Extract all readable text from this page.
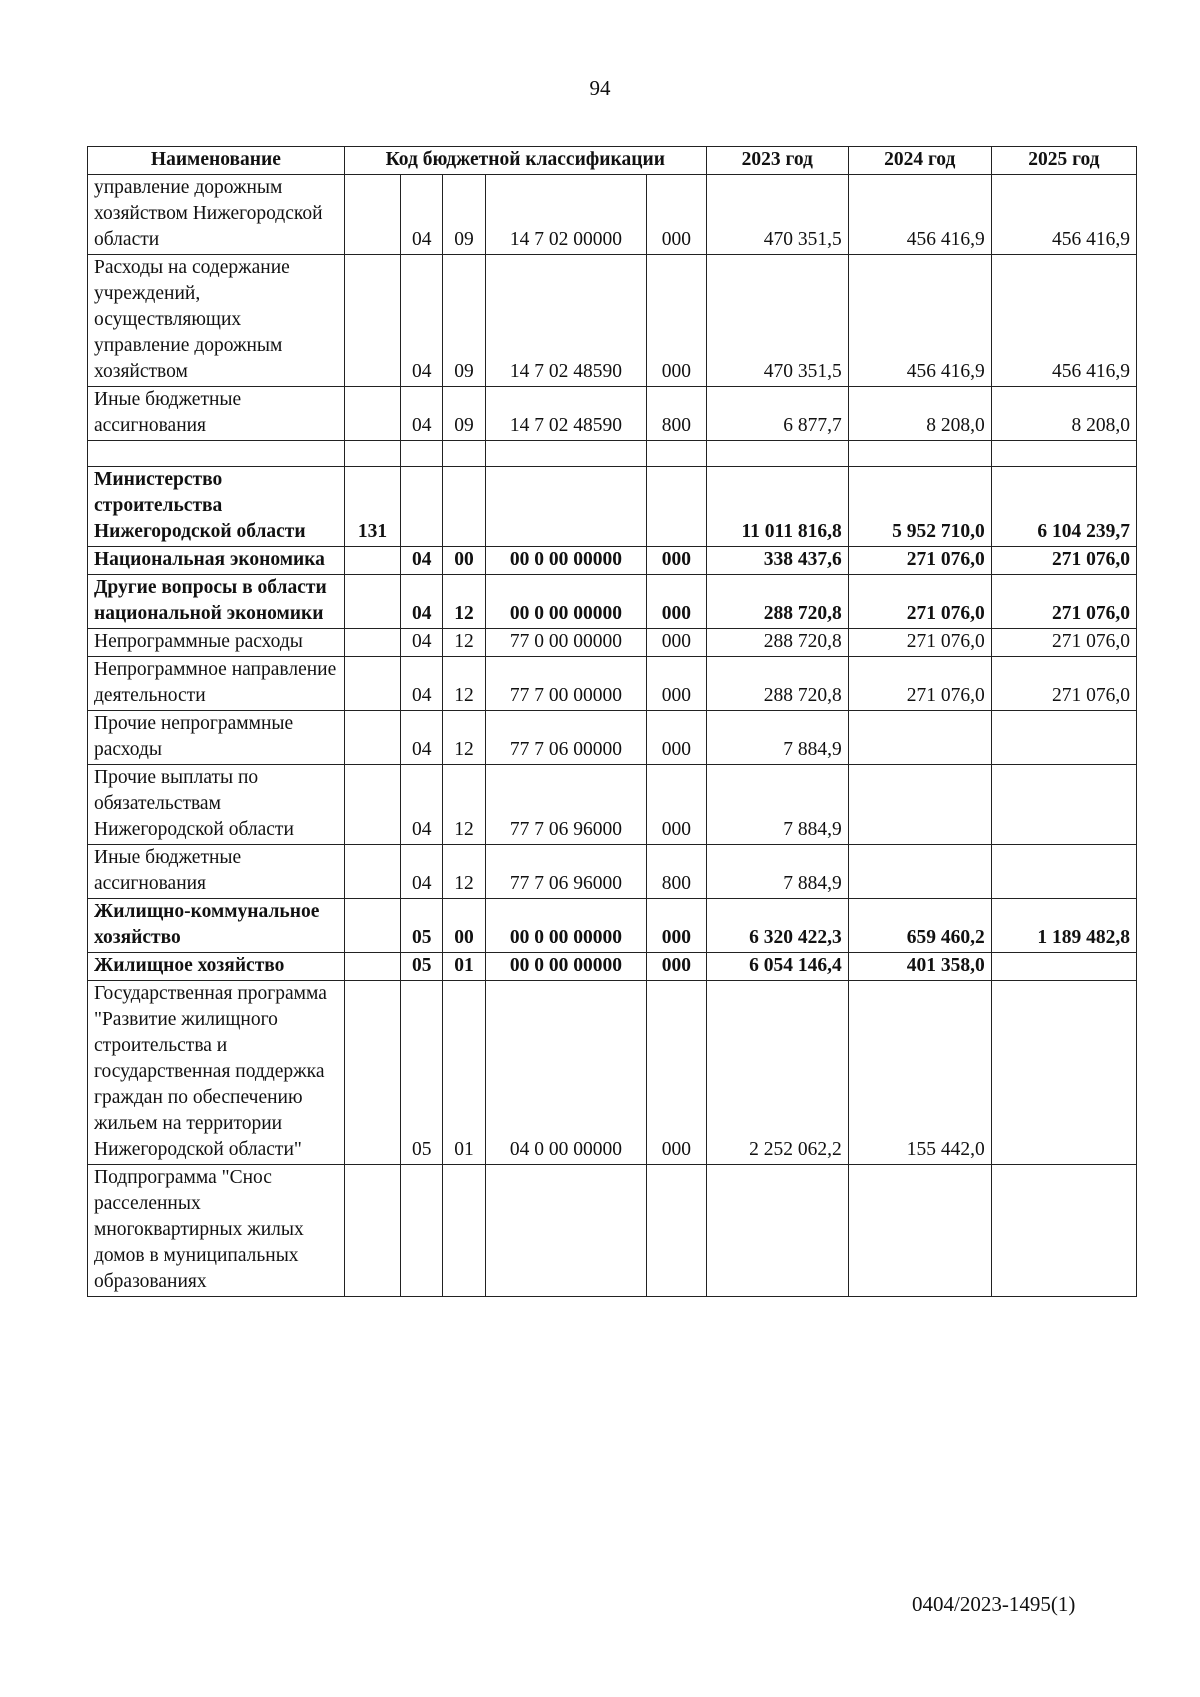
94
Наименование	Код бюджетной классификации					2023 год	2024 год	2025 год
управление дорожным хозяйством Нижегородской области		04	09	14 7 02 00000	000	470 351,5	456 416,9	456 416,9
Расходы на содержание учреждений, осуществляющих управление дорожным хозяйством		04	09	14 7 02 48590	000	470 351,5	456 416,9	456 416,9
Иные бюджетные ассигнования		04	09	14 7 02 48590	800	6 877,7	8 208,0	8 208,0

Министерство строительства Нижегородской области	131					11 011 816,8	5 952 710,0	6 104 239,7
Национальная экономика		04	00	00 0 00 00000	000	338 437,6	271 076,0	271 076,0
Другие вопросы в области национальной экономики		04	12	00 0 00 00000	000	288 720,8	271 076,0	271 076,0
Непрограммные расходы		04	12	77 0 00 00000	000	288 720,8	271 076,0	271 076,0
Непрограммное направление деятельности		04	12	77 7 00 00000	000	288 720,8	271 076,0	271 076,0
Прочие непрограммные расходы		04	12	77 7 06 00000	000	7 884,9		
Прочие выплаты по обязательствам Нижегородской области		04	12	77 7 06 96000	000	7 884,9		
Иные бюджетные ассигнования		04	12	77 7 06 96000	800	7 884,9		
Жилищно-коммунальное хозяйство		05	00	00 0 00 00000	000	6 320 422,3	659 460,2	1 189 482,8
Жилищное хозяйство		05	01	00 0 00 00000	000	6 054 146,4	401 358,0	
Государственная программа "Развитие жилищного строительства и государственная поддержка граждан по обеспечению жильем на территории Нижегородской области"		05	01	04 0 00 00000	000	2 252 062,2	155 442,0	
Подпрограмма "Снос расселенных многоквартирных жилых домов в муниципальных образованиях								
0404/2023-1495(1)
